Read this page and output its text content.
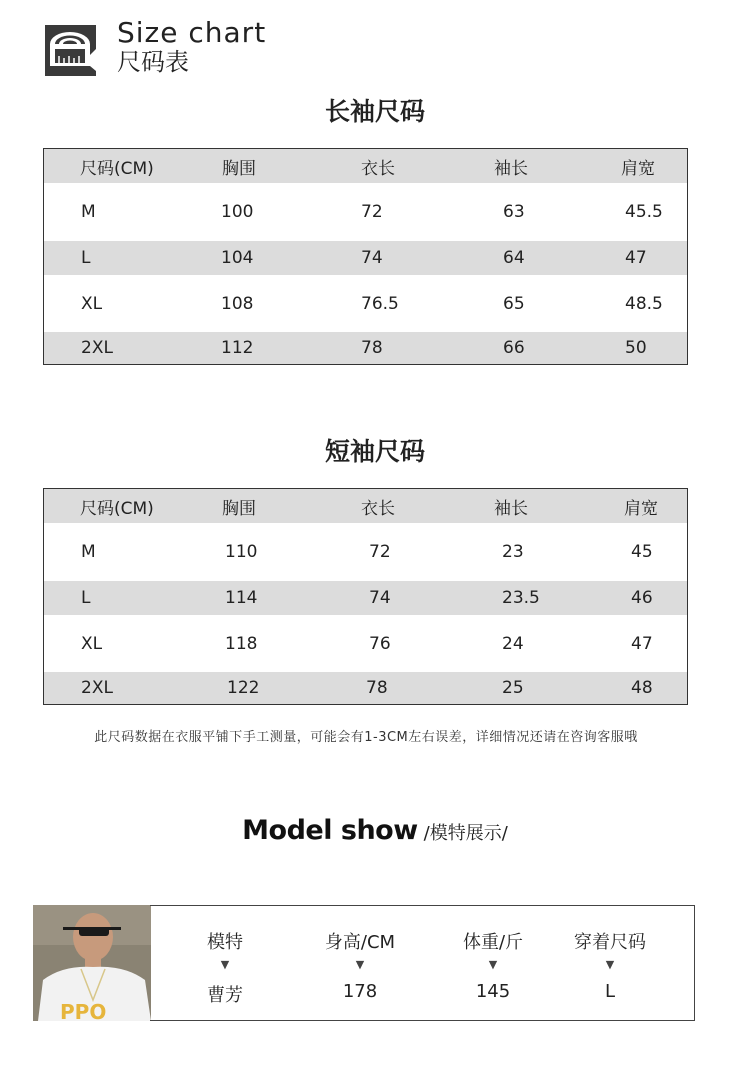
Size chart
尺码表
长袖尺码
尺码(CM)	胸围	衣长	袖长	肩宽
M	100	72	63	45.5
L	104	74	64	47
XL	108	76.5	65	48.5
2XL	112	78	66	50
短袖尺码
尺码(CM)	胸围	衣长	袖长	肩宽
M	110	72	23	45
L	114	74	23.5	46
XL	118	76	24	47
2XL	122	78	25	48
此尺码数据在衣服平铺下手工测量，可能会有1-3CM左右误差，详细情况还请在咨询客服哦
Model show /模特展示/
PPO
模特
▼
曹芳
身高/CM
▼
178
体重/斤
▼
145
穿着尺码
▼
L
